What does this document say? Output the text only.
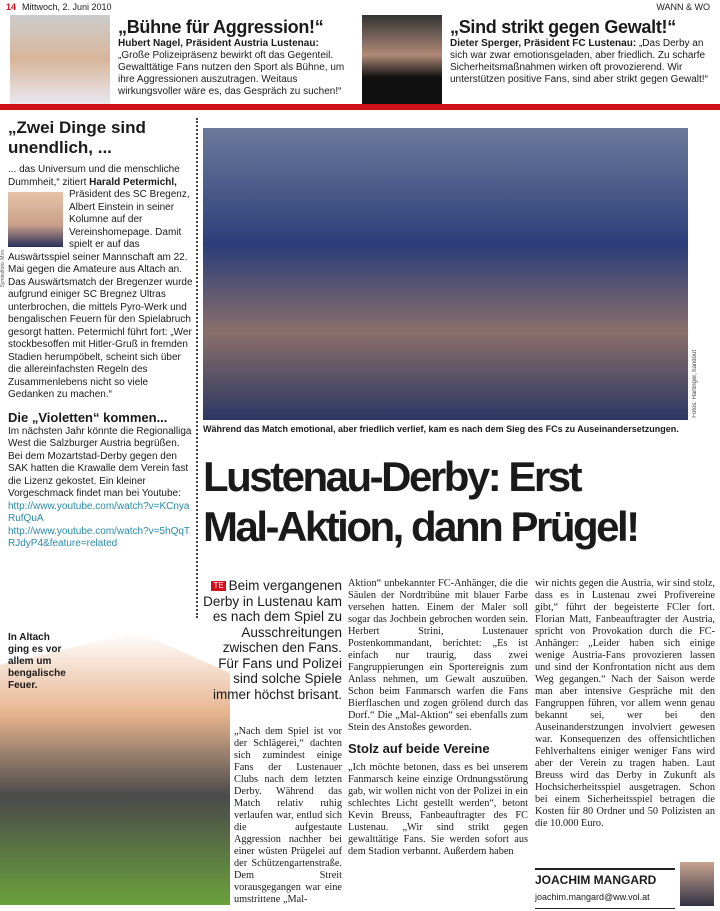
14 Mittwoch, 2. Juni 2010	WANN & WO
„Bühne für Aggression!“
Hubert Nagel, Präsident Austria Lustenau: „Große Polizeipräsenz bewirkt oft das Gegenteil. Gewalttätige Fans nutzen den Sport als Bühne, um ihre Aggressionen auszutragen. Weitaus wirkungsvoller wäre es, das Gespräch zu suchen!“
„Sind strikt gegen Gewalt!“
Dieter Sperger, Präsident FC Lustenau: „Das Derby an sich war zwar emotionsgeladen, aber friedlich. Zu scharfe Sicherheitsmaßnahmen wirken oft provozierend. Wir unterstützen positive Fans, sind aber strikt gegen Gewalt!“
„Zwei Dinge sind unendlich, ...
... das Universum und die menschliche Dummheit,“ zitiert Harald Petermichl,
Präsident des SC Bregenz, Albert Einstein in seiner Kolumne auf der Vereinshomepage. Damit spielt er auf das Auswärtsspiel seiner Mannschaft am 22. Mai gegen die Amateure aus Altach an. Das Auswärtsmatch der Bregenzer wurde aufgrund einiger SC Bregnez Ultras unterbrochen, die mittels Pyro-Werk und bengalischen Feuern für den Spielabruch gesorgt hatten. Petermichl führt fort: „Wer stockbesoffen mit Hitler-Gruß in fremden Stadien herumpöbelt, scheint sich über die allereinfachsten Regeln des Zusammenlebens nicht so viele Gedanken zu machen.“
Die „Violetten“ kommen...
Im nächsten Jahr könnte die Regionalliga West die Salzburger Austria begrüßen. Bei dem Mozartstad-Derby gegen den SAK hatten die Krawalle dem Verein fast die Lizenz gekostet. Ein kleiner Vorgeschmack findet man bei Youtube:
http://www.youtube.com/watch?v=KCnyaRufQuA
http://www.youtube.com/watch?v=5hQqTRJdyP4&feature=related
Symbolfoto: Miro
Fotos: Hartinger, handout
Während das Match emotional, aber friedlich verlief, kam es nach dem Sieg des FCs zu Auseinandersetzungen.
Lustenau-Derby: Erst
Mal-Aktion, dann Prügel!
In Altach ging es vor allem um bengalische Feuer.
TE Beim vergangenen Derby in Lustenau kam es nach dem Spiel zu Ausschreitungen zwischen den Fans. Für Fans und Polizei sind solche Spiele immer höchst brisant.
„Nach dem Spiel ist vor der Schlägerei,“ dachten sich zumindest einige Fans der Lustenauer Clubs nach dem letzten Derby. Während das Match relativ ruhig verlaufen war, entlud sich die aufgestaute Aggression nachher bei einer wüsten Prügelei auf der Schützengartenstraße. Dem Streit vorausgegangen war eine umstrittene „Mal-
Aktion“ unbekannter FC-Anhänger, die die Säulen der Nordtribüne mit blauer Farbe versehen hatten. Einem der Maler soll sogar das Jochbein gebrochen worden sein. Herbert Strini, Lustenauer Postenkommandant, berichtet: „Es ist einfach nur traurig, dass zwei Fangruppierungen ein Sportereignis zum Anlass nehmen, um Gewalt auszuüben. Schon beim Fanmarsch warfen die Fans Bierflaschen und zogen grölend durch das Dorf.“ Die „Mal-Aktion“ sei ebenfalls zum Stein des Anstoßes geworden.
Stolz auf beide Vereine
„Ich möchte betonen, dass es bei unserem Fanmarsch keine einzige Ordnungsstörung gab, wir wollen nicht von der Polizei in ein schlechtes Licht gestellt werden“, betont Kevin Breuss, Fanbeauftragter des FC Lustenau. „Wir sind strikt gegen gewalttätige Fans. Sie werden sofort aus dem Stadion verbannt. Außerdem haben
wir nichts gegen die Austria, wir sind stolz, dass es in Lustenau zwei Profivereine gibt,“ führt der begeisterte FCler fort. Florian Matt, Fanbeauftragter der Austria, spricht von Provokation durch die FC-Anhänger: „Leider haben sich einige wenige Austria-Fans provozieren lassen und sind der Konfrontation nicht aus dem Weg gegangen.“ Nach der Saison werde man aber intensive Gespräche mit den Fangruppen führen, vor allem wenn genau bekannt sei, wer bei den Auseinanderstzungen involviert gewesen war. Konsequenzen des offensichtlichen Fehlverhaltens einiger weniger Fans wird aber der Verein zu tragen haben. Laut Breuss wird das Derby in Zukunft als Hochsicherheitsspiel ausgetragen. Schon bei einem Sicherheitsspiel betragen die Kosten für 80 Ordner und 50 Polizisten an die 10.000 Euro.
JOACHIM MANGARD
joachim.mangard@ww.vol.at
